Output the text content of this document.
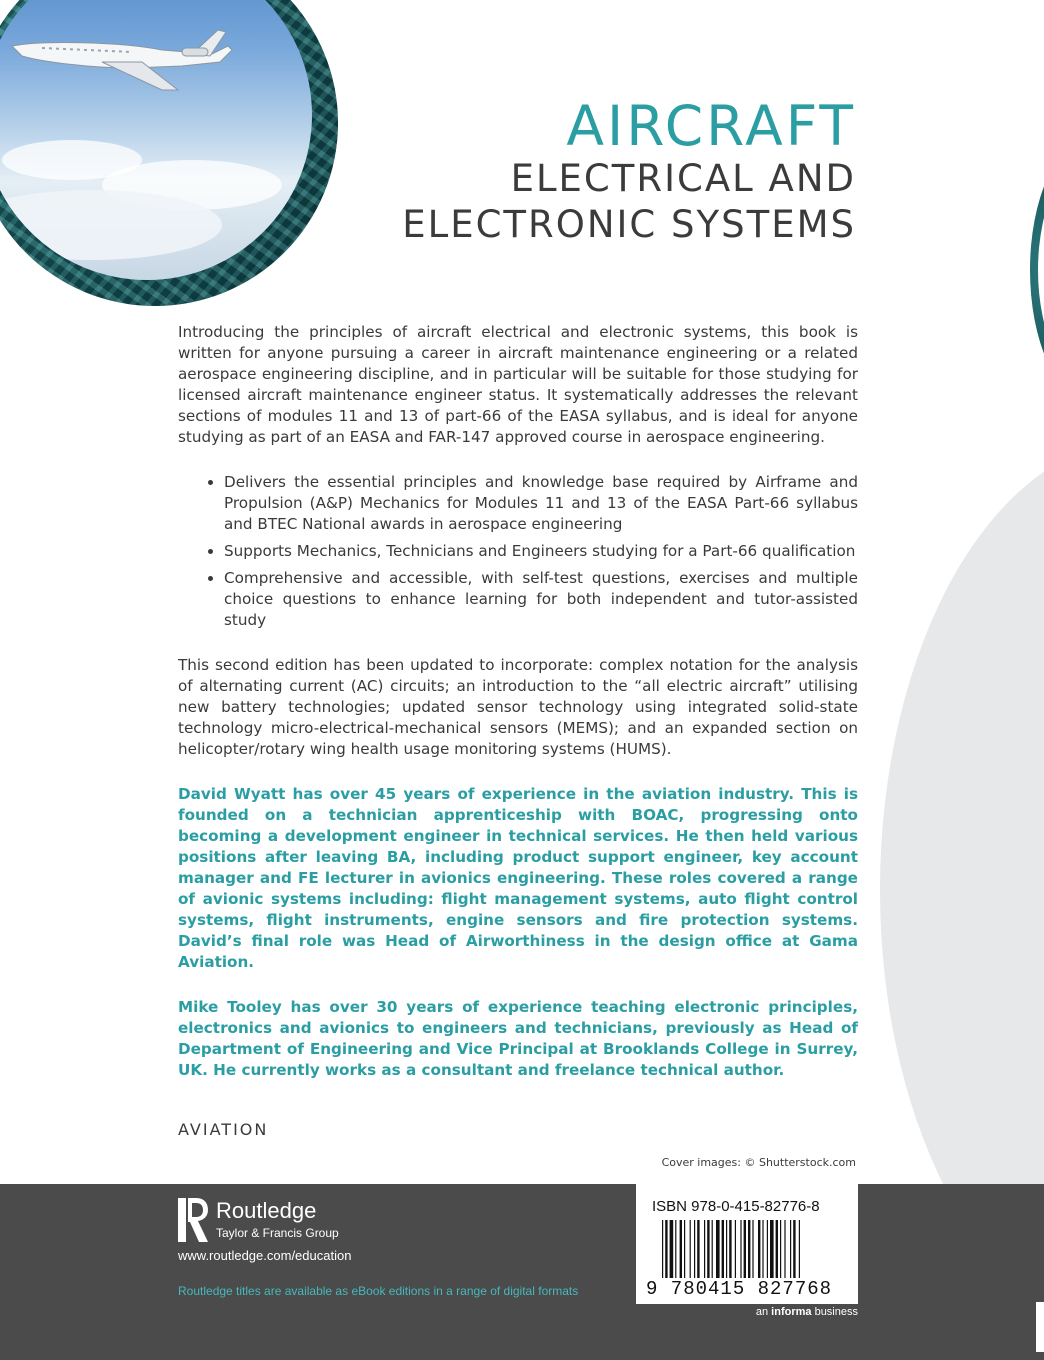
AIRCRAFT
ELECTRICAL AND
ELECTRONIC SYSTEMS

Introducing the principles of aircraft electrical and electronic systems, this book is written for anyone pursuing a career in aircraft maintenance engineering or a related aerospace engineering discipline, and in particular will be suitable for those studying for licensed aircraft maintenance engineer status. It systematically addresses the relevant sections of modules 11 and 13 of part-66 of the EASA syllabus, and is ideal for anyone studying as part of an EASA and FAR-147 approved course in aerospace engineering.

• Delivers the essential principles and knowledge base required by Airframe and Propulsion (A&P) Mechanics for Modules 11 and 13 of the EASA Part-66 syllabus and BTEC National awards in aerospace engineering
• Supports Mechanics, Technicians and Engineers studying for a Part-66 qualification
• Comprehensive and accessible, with self-test questions, exercises and multiple choice questions to enhance learning for both independent and tutor-assisted study

This second edition has been updated to incorporate: complex notation for the analysis of alternating current (AC) circuits; an introduction to the “all electric aircraft” utilising new battery technologies; updated sensor technology using integrated solid-state technology micro-electrical-mechanical sensors (MEMS); and an expanded section on helicopter/rotary wing health usage monitoring systems (HUMS).

David Wyatt has over 45 years of experience in the aviation industry. This is founded on a technician apprenticeship with BOAC, progressing onto becoming a development engineer in technical services. He then held various positions after leaving BA, including product support engineer, key account manager and FE lecturer in avionics engineering. These roles covered a range of avionic systems including: flight management systems, auto flight control systems, flight instruments, engine sensors and fire protection systems. David’s final role was Head of Airworthiness in the design office at Gama Aviation.

Mike Tooley has over 30 years of experience teaching electronic principles, electronics and avionics to engineers and technicians, previously as Head of Department of Engineering and Vice Principal at Brooklands College in Surrey, UK. He currently works as a consultant and freelance technical author.

AVIATION
Cover images: © Shutterstock.com
Routledge
Taylor & Francis Group
www.routledge.com/education
Routledge titles are available as eBook editions in a range of digital formats
ISBN 978-0-415-82776-8
9 780415 827768
an informa business
